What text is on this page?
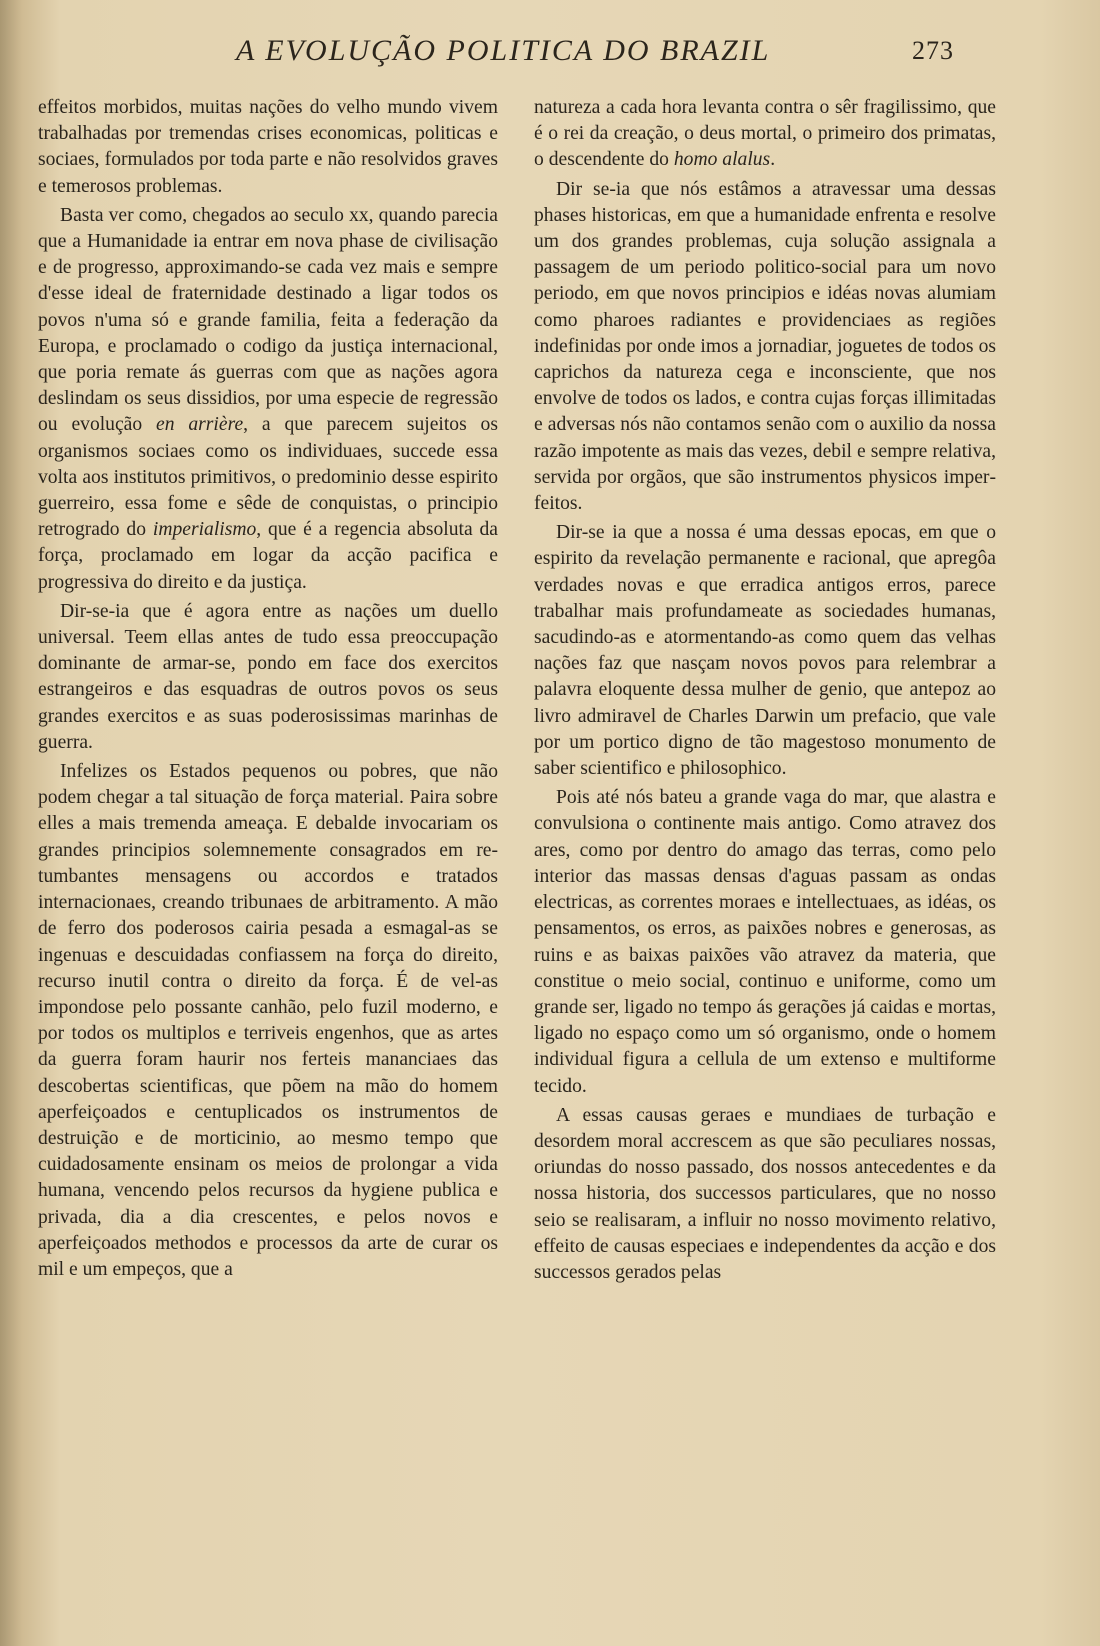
A EVOLUÇÃO POLITICA DO BRAZIL	273

effeitos morbidos, muitas nações do velho mundo vivem trabalhadas por tremendas crises economicas, politicas e sociaes, formulados por toda parte e não resolvidos graves e temerosos problemas.

Basta ver como, chegados ao seculo xx, quando parecia que a Humanidade ia entrar em nova phase de civilisação e de progresso, approximando-se cada vez mais e sempre d'esse ideal de fraternidade destinado a ligar todos os povos n'uma só e grande familia, feita a federação da Europa, e proclamado o codigo da justiça internacional, que poria remate ás guerras com que as nações agora deslindam os seus dissidios, por uma especie de regressão ou evolução en arrière, a que parecem sujeitos os organismos sociaes como os individuaes, succede essa volta aos institutos primitivos, o predominio desse espirito guerreiro, essa fome e sêde de conquistas, o principio retrogrado do imperialismo, que é a regencia absoluta da força, proclamado em logar da acção pacifica e progressiva do direito e da justiça.

Dir-se-ia que é agora entre as nações um duello universal. Teem ellas antes de tudo essa preoccupação dominante de armar-se, pondo em face dos exercitos estrangeiros e das esquadras de outros povos os seus grandes exercitos e as suas poderosissimas marinhas de guerra.

Infelizes os Estados pequenos ou pobres, que não podem chegar a tal situação de força material. Paira sobre elles a mais tremenda ameaça. E debalde invocariam os grandes principios solemnemente consagrados em retumbantes mensagens ou accordos e tratados internacionaes, creando tribunaes de arbitramento. A mão de ferro dos poderosos cairia pesada a esmagal-as se ingenuas e descuidadas confiassem na força do direito, recurso inutil contra o direito da força. É de vel-as impondose pelo possante canhão, pelo fuzil moderno, e por todos os multiplos e terriveis engenhos, que as artes da guerra foram haurir nos ferteis mananciaes das descobertas scientificas, que põem na mão do homem aperfeiçoados e centuplicados os instrumentos de destruição e de morticinio, ao mesmo tempo que cuidadosamente ensinam os meios de prolongar a vida humana, vencendo pelos recursos da hygiene publica e privada, dia a dia crescentes, e pelos novos e aperfeiçoados methodos e processos da arte de curar os mil e um empeços, que a

natureza a cada hora levanta contra o sêr fragilissimo, que é o rei da creação, o deus mortal, o primeiro dos primatas, o descendente do homo alalus.

Dir se-ia que nós estâmos a atravessar uma dessas phases historicas, em que a humanidade enfrenta e resolve um dos grandes problemas, cuja solução assignala a passagem de um periodo politico-social para um novo periodo, em que novos principios e idéas novas alumiam como pharoes radiantes e providenciaes as regiões indefinidas por onde imos a jornadiar, joguetes de todos os caprichos da natureza cega e inconsciente, que nos envolve de todos os lados, e contra cujas forças illimitadas e adversas nós não contamos senão com o auxilio da nossa razão impotente as mais das vezes, debil e sempre relativa, servida por orgãos, que são instrumentos physicos imperfeitos.

Dir-se ia que a nossa é uma dessas epocas, em que o espirito da revelação permanente e racional, que apregôa verdades novas e que erradica antigos erros, parece trabalhar mais profundameate as sociedades humanas, sacudindo-as e atormentando-as como quem das velhas nações faz que nasçam novos povos para relembrar a palavra eloquente dessa mulher de genio, que antepoz ao livro admiravel de Charles Darwin um prefacio, que vale por um portico digno de tão magestoso monumento de saber scientifico e philosophico.

Pois até nós bateu a grande vaga do mar, que alastra e convulsiona o continente mais antigo. Como atravez dos ares, como por dentro do amago das terras, como pelo interior das massas densas d'aguas passam as ondas electricas, as correntes moraes e intellectuaes, as idéas, os pensamentos, os erros, as paixões nobres e generosas, as ruins e as baixas paixões vão atravez da materia, que constitue o meio social, continuo e uniforme, como um grande ser, ligado no tempo ás gerações já caidas e mortas, ligado no espaço como um só organismo, onde o homem individual figura a cellula de um extenso e multiforme tecido.

A essas causas geraes e mundiaes de turbação e desordem moral accrescem as que são peculiares nossas, oriundas do nosso passado, dos nossos antecedentes e da nossa historia, dos successos particulares, que no nosso seio se realisaram, a influir no nosso movimento relativo, effeito de causas especiaes e independentes da acção e dos successos gerados pelas
